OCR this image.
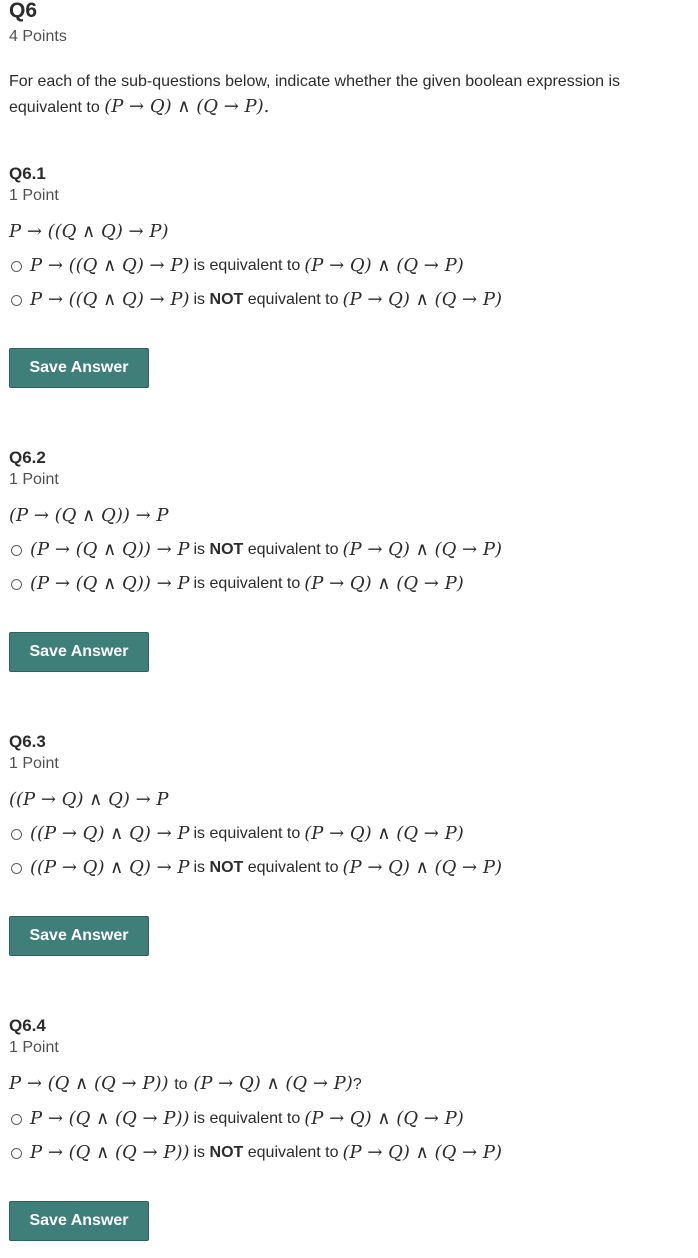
Q6
4 Points
For each of the sub-questions below, indicate whether the given boolean expression is equivalent to (P → Q) ∧ (Q → P).
Q6.1
1 Point
P → ((Q ∧ Q) → P)
P → ((Q ∧ Q) → P) is equivalent to (P → Q) ∧ (Q → P)
P → ((Q ∧ Q) → P) is NOT equivalent to (P → Q) ∧ (Q → P)
Save Answer
Q6.2
1 Point
(P → (Q ∧ Q)) → P
(P → (Q ∧ Q)) → P is NOT equivalent to (P → Q) ∧ (Q → P)
(P → (Q ∧ Q)) → P is equivalent to (P → Q) ∧ (Q → P)
Save Answer
Q6.3
1 Point
((P → Q) ∧ Q) → P
((P → Q) ∧ Q) → P is equivalent to (P → Q) ∧ (Q → P)
((P → Q) ∧ Q) → P is NOT equivalent to (P → Q) ∧ (Q → P)
Save Answer
Q6.4
1 Point
P → (Q ∧ (Q → P)) to (P → Q) ∧ (Q → P)?
P → (Q ∧ (Q → P)) is equivalent to (P → Q) ∧ (Q → P)
P → (Q ∧ (Q → P)) is NOT equivalent to (P → Q) ∧ (Q → P)
Save Answer
